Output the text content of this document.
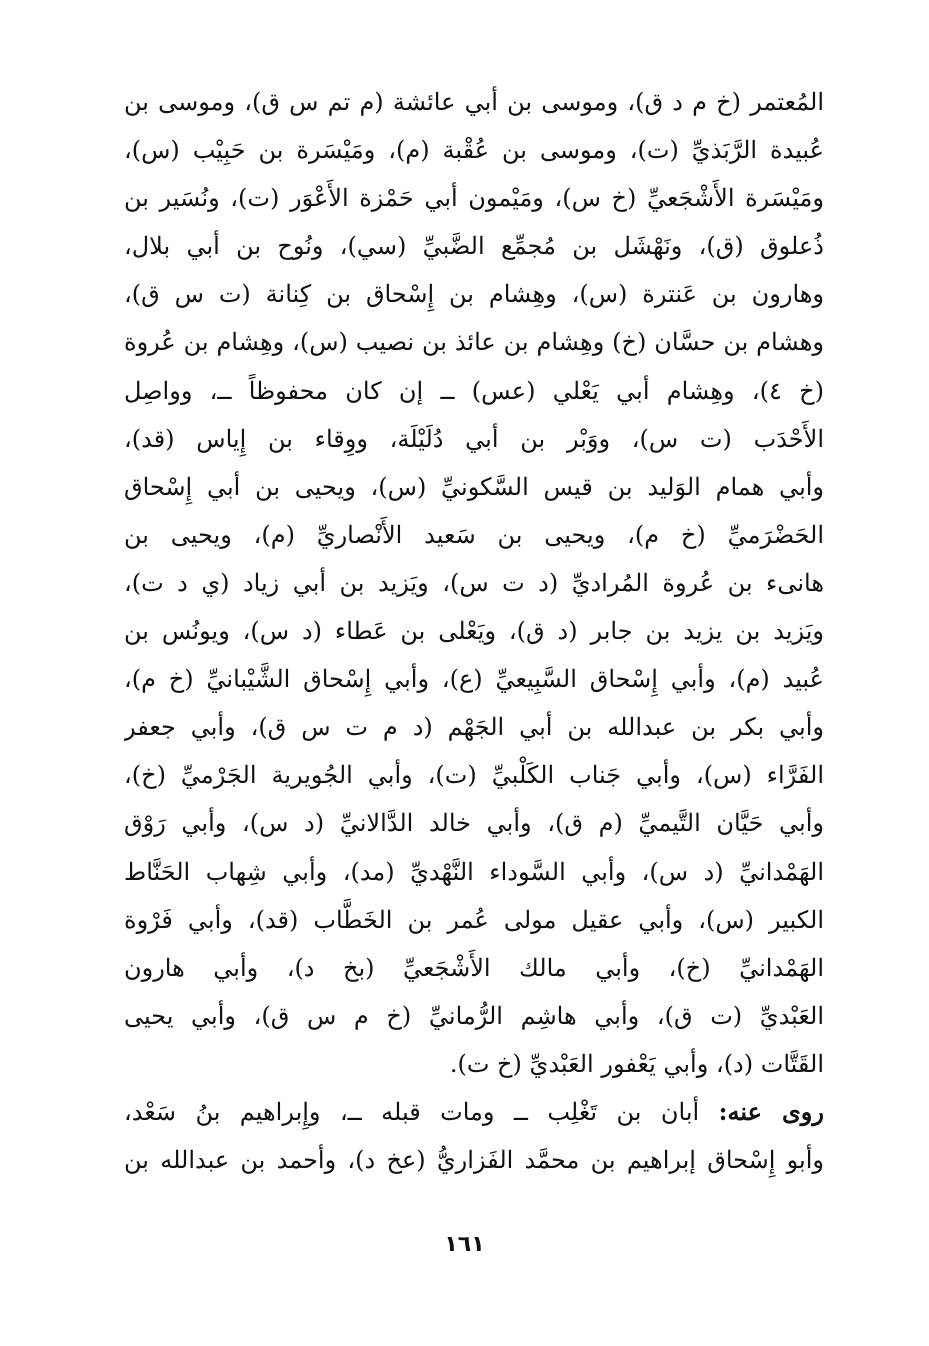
المُعتمر (خ م د ق)، وموسى بن أبي عائشة (م تم س ق)، وموسى بن
عُبيدة الرَّبَذيِّ (ت)، وموسى بن عُقْبة (م)، ومَيْسَرة بن حَبِيْب (س)،
ومَيْسَرة الأَشْجَعيِّ (خ س)، ومَيْمون أبي حَمْزة الأَعْوَر (ت)، ونُسَير بن
ذُعلوق (ق)، ونَهْشَل بن مُجمِّع الضَّبيِّ (سي)، ونُوح بن أبي بلال،
وهارون بن عَنترة (س)، وهِشام بن إِسْحاق بن كِنانة (ت س ق)،
وهشام بن حسَّان (خ) وهِشام بن عائذ بن نصيب (س)، وهِشام بن عُروة
(خ ٤)، وهِشام أبي يَعْلي (عس) ــ إن كان محفوظاً ــ، وواصِل
الأَحْدَب (ت س)، ووَبْر بن أبي دُلَيْلَة، ووِقاء بن إِياس (قد)،
وأبي همام الوَليد بن قيس السَّكونيِّ (س)، ويحيى بن أبي إِسْحاق
الحَضْرَميِّ (خ م)، ويحيى بن سَعيد الأَنْصاريِّ (م)، ويحيى بن
هانىء بن عُروة المُراديِّ (د ت س)، ويَزيد بن أبي زياد (ي د ت)،
ويَزيد بن يزيد بن جابر (د ق)، ويَعْلى بن عَطاء (د س)، ويونُس بن
عُبيد (م)، وأبي إِسْحاق السَّبِيعيِّ (ع)، وأبي إِسْحاق الشَّيْبانيِّ (خ م)،
وأبي بكر بن عبدالله بن أبي الجَهْم (د م ت س ق)، وأبي جعفر
الفَرَّاء (س)، وأبي جَناب الكَلْبيِّ (ت)، وأبي الجُويرية الجَرْميِّ (خ)،
وأبي حَيَّان التَّيميِّ (م ق)، وأبي خالد الدَّالانيِّ (د س)، وأبي رَوْق
الهَمْدانيِّ (د س)، وأبي السَّوداء النَّهْديِّ (مد)، وأبي شِهاب الحَنَّاط
الكبير (س)، وأبي عقيل مولى عُمر بن الخَطَّاب (قد)، وأبي فَرْوة
الهَمْدانيِّ (خ)، وأبي مالك الأَشْجَعيِّ (بخ د)، وأبي هارون
العَبْديِّ (ت ق)، وأبي هاشِم الرُّمانيِّ (خ م س ق)، وأبي يحيى
القَتَّات (د)، وأبي يَعْفور العَبْديِّ (خ ت).
روى عنه: أبان بن تَغْلِب ــ ومات قبله ــ، وإِبراهيم بنُ سَعْد،
وأبو إِسْحاق إبراهيم بن محمَّد الفَزاريُّ (عخ د)، وأحمد بن عبدالله بن
١٦١
